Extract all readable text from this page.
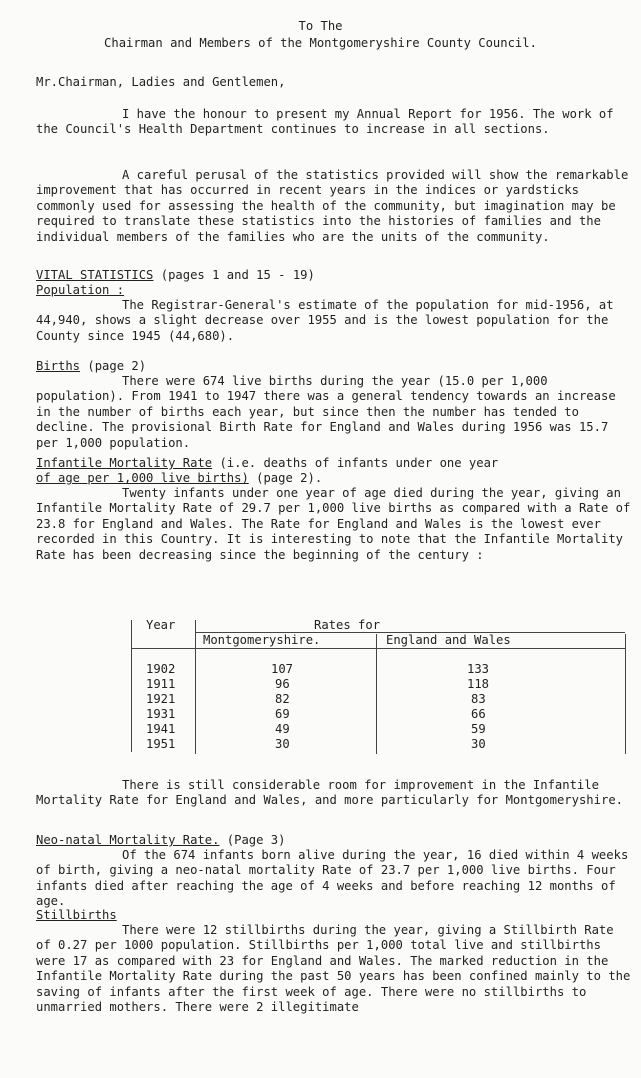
To The
Chairman and Members of the Montgomeryshire County Council.
Mr.Chairman, Ladies and Gentlemen,

I have the honour to present my Annual Report for 1956. The work of the Council's Health Department continues to increase in all sections.

A careful perusal of the statistics provided will show the remarkable improvement that has occurred in recent years in the indices or yardsticks commonly used for assessing the health of the community, but imagination may be required to translate these statistics into the histories of families and the individual members of the families who are the units of the community.

VITAL STATISTICS (pages 1 and 15 - 19)
Population :

The Registrar-General's estimate of the population for mid-1956, at 44,940, shows a slight decrease over 1955 and is the lowest population for the County since 1945 (44,680).

Births (page 2)

There were 674 live births during the year (15.0 per 1,000 population). From 1941 to 1947 there was a general tendency towards an increase in the number of births each year, but since then the number has tended to decline. The provisional Birth Rate for England and Wales during 1956 was 15.7 per 1,000 population.

Infantile Mortality Rate (i.e. deaths of infants under one year
of age per 1,000 live births) (page 2).

Twenty infants under one year of age died during the year, giving an Infantile Mortality Rate of 29.7 per 1,000 live births as compared with a Rate of 23.8 for England and Wales. The Rate for England and Wales is the lowest ever recorded in this Country. It is interesting to note that the Infantile Mortality Rate has been decreasing since the beginning of the century :

Year	Rates for
Montgomeryshire.	England and Wales
1902	107	133
1911	96	118
1921	82	83
1931	69	66
1941	49	59
1951	30	30

There is still considerable room for improvement in the Infantile Mortality Rate for England and Wales, and more particularly for Montgomeryshire.

Neo-natal Mortality Rate. (Page 3)

Of the 674 infants born alive during the year, 16 died within 4 weeks of birth, giving a neo-natal mortality Rate of 23.7 per 1,000 live births. Four infants died after reaching the age of 4 weeks and before reaching 12 months of age.

Stillbirths

There were 12 stillbirths during the year, giving a Stillbirth Rate of 0.27 per 1000 population. Stillbirths per 1,000 total live and stillbirths were 17 as compared with 23 for England and Wales. The marked reduction in the Infantile Mortality Rate during the past 50 years has been confined mainly to the saving of infants after the first week of age. There were no stillbirths to unmarried mothers. There were 2 illegitimate
